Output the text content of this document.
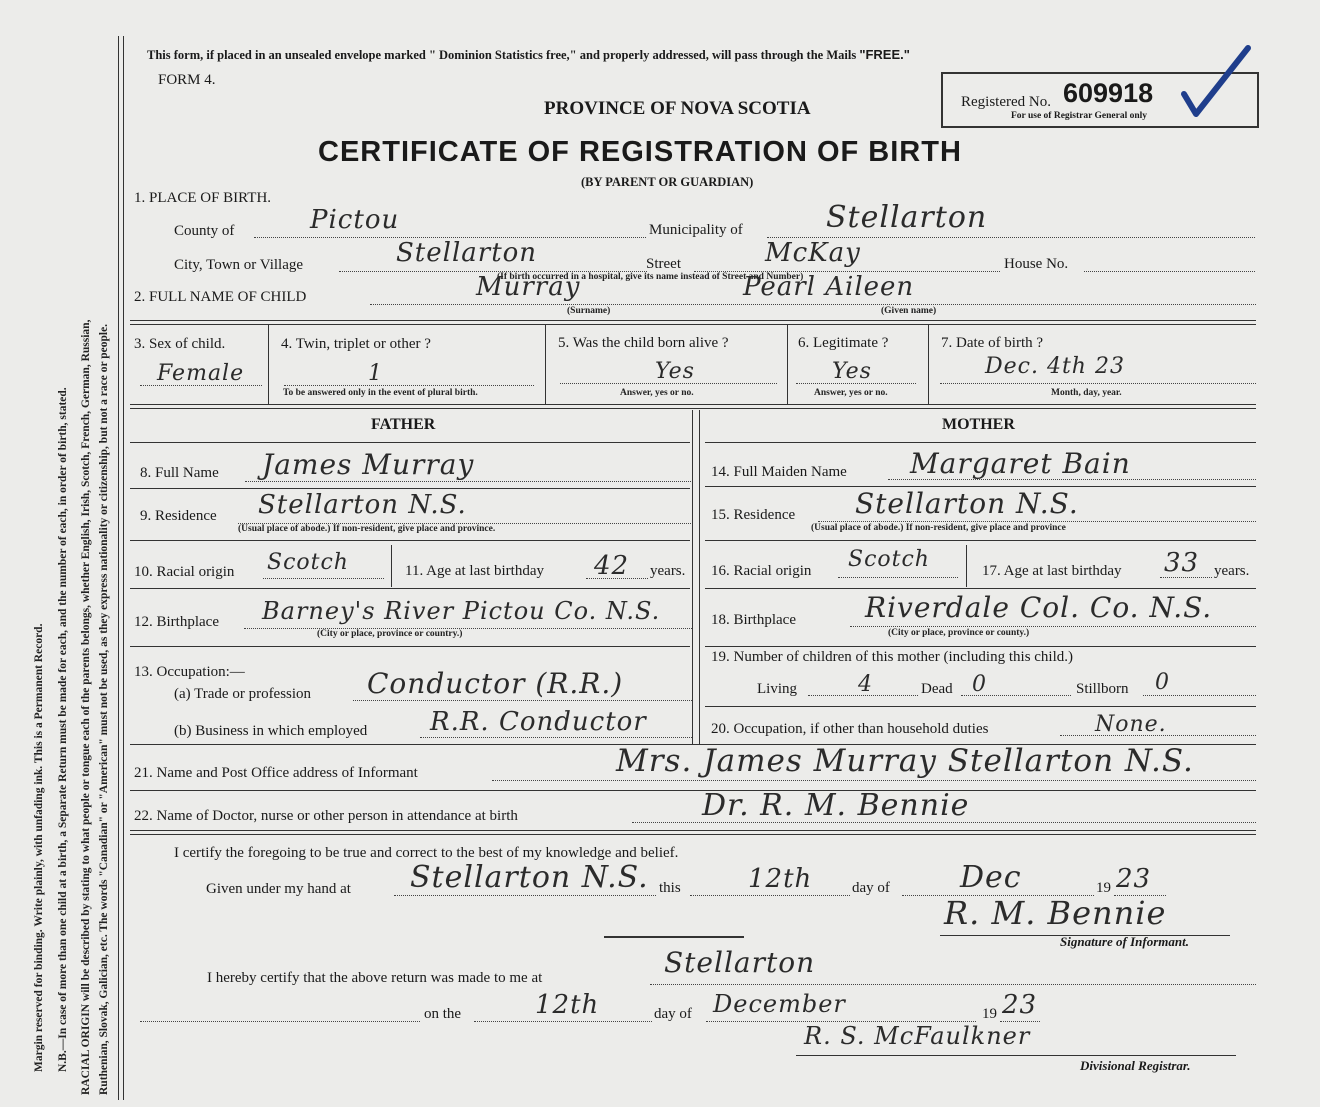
Margin reserved for binding. Write plainly, with unfading ink. This is a Permanent Record. N.B.—In case of more than one child at a birth, a Separate Return must be made for each, and the number of each, in order of birth, stated. RACIAL ORIGIN will be described by stating to what people or tongue each of the parents belongs, whether English, Irish, Scotch, French, German, Russian, Ruthenian, Slovak, Galician, etc. The words "Canadian" or "American" must not be used, as they express nationality or citizenship, but not a race or people.
This form, if placed in an unsealed envelope marked " Dominion Statistics free," and properly addressed, will pass through the Mails "FREE."
FORM 4.
PROVINCE OF NOVA SCOTIA	Registered No. 609918
For use of Registrar General only
CERTIFICATE OF REGISTRATION OF BIRTH
(BY PARENT OR GUARDIAN)
1. PLACE OF BIRTH.
County of	Pictou	Municipality of	Stellarton
City, Town or Village	Stellarton	Street	McKay	House No.
(If birth occurred in a hospital, give its name instead of Street and Number)
2. FULL NAME OF CHILD	Murray	Pearl Aileen
(Surname)	(Given name)
3. Sex of child.
Female
4. Twin, triplet or other ?
1
To be answered only in the event of plural birth.
5. Was the child born alive ?
Yes
Answer, yes or no.
6. Legitimate ?
Yes
Answer, yes or no.
7. Date of birth ?
Dec. 4th 23
Month, day, year.
FATHER	MOTHER
8. Full Name James Murray
9. Residence Stellarton N.S.
(Usual place of abode.) If non-resident, give place and province.
10. Racial origin Scotch	11. Age at last birthday 42 years.
12. Birthplace Barney's River Pictou Co. N.S.
(City or place, province or country.)
13. Occupation:—
(a) Trade or profession Conductor (R.R.)
(b) Business in which employed R.R. Conductor
14. Full Maiden Name Margaret Bain
15. Residence Stellarton N.S.
(Usual place of abode.) If non-resident, give place and province
16. Racial origin Scotch	17. Age at last birthday 33 years.
18. Birthplace Riverdale Col. Co. N.S.
(City or place, province or county.)
19. Number of children of this mother (including this child.)
Living	4	Dead 0	Stillborn 0
20. Occupation, if other than household duties	None.
21. Name and Post Office address of Informant	Mrs. James Murray Stellarton N.S.
22. Name of Doctor, nurse or other person in attendance at birth	Dr. R. M. Bennie
I certify the foregoing to be true and correct to the best of my knowledge and belief.
Given under my hand at Stellarton N.S. this	12th	day of Dec	19 23
R. M. Bennie
Signature of Informant.
I hereby certify that the above return was made to me at	Stellarton
on the	12th	day of December	19 23
R. S. McFaulkner
Divisional Registrar.
